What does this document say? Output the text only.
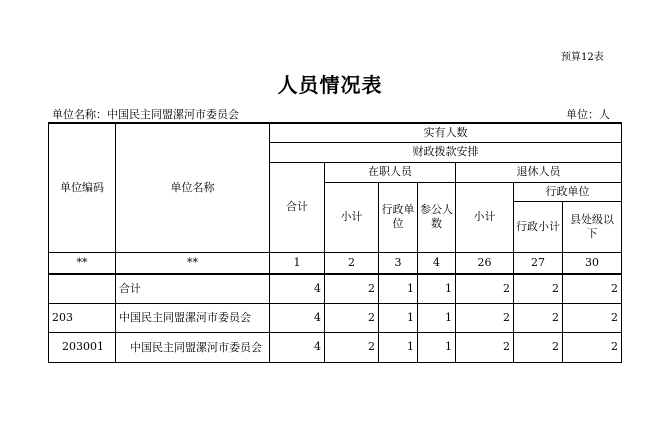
预算12表
人员情况表
单位名称：中国民主同盟漯河市委员会	单位：人
单位编码	单位名称	实有人数						
		财政拨款安排						
		合计	在职人员			退休人员		
			小计	行政单位	参公人数	小计	行政单位	
							行政小计	县处级以下
**	**	1	2	3	4	26	27	30
	合计	4	2	1	1	2	2	2
203	中国民主同盟漯河市委员会	4	2	1	1	2	2	2
203001	中国民主同盟漯河市委员会	4	2	1	1	2	2	2
